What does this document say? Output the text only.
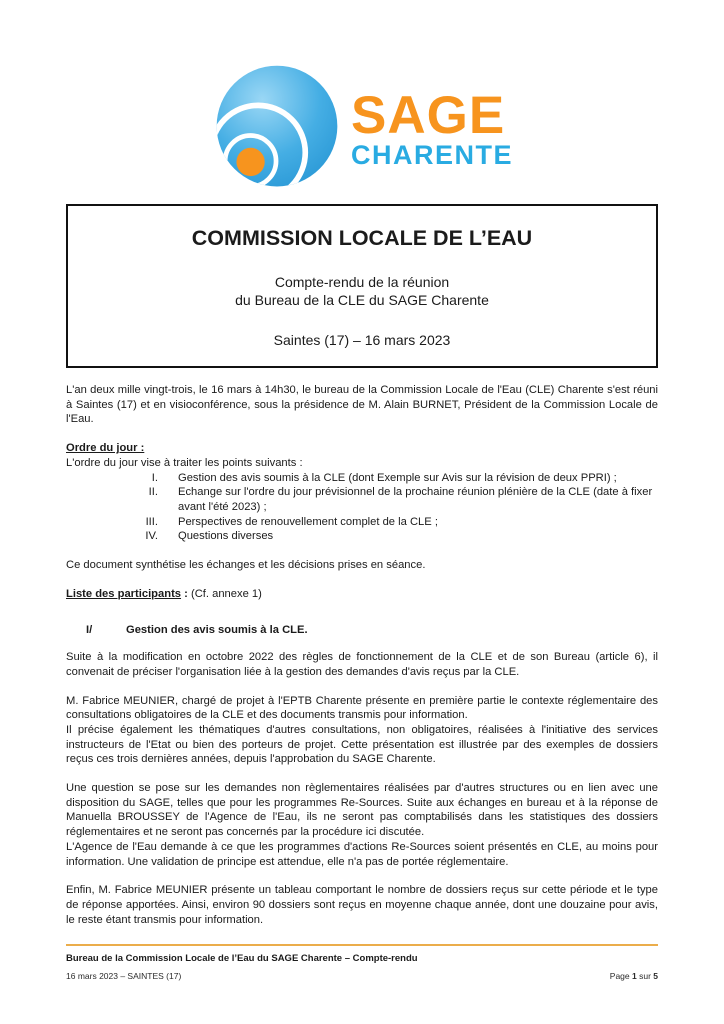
SAGE
CHARENTE
COMMISSION LOCALE DE L’EAU
Compte-rendu de la réunion
du Bureau de la CLE du SAGE Charente
Saintes (17) – 16 mars 2023

L'an deux mille vingt-trois, le 16 mars à 14h30, le bureau de la Commission Locale de l'Eau (CLE) Charente s'est réuni à Saintes (17) et en visioconférence, sous la présidence de M. Alain BURNET, Président de la Commission Locale de l'Eau.

Ordre du jour :
L'ordre du jour vise à traiter les points suivants :
I.	Gestion des avis soumis à la CLE (dont Exemple sur Avis sur la révision de deux PPRI) ;
II.	Echange sur l'ordre du jour prévisionnel de la prochaine réunion plénière de la CLE (date à fixer avant l'été 2023) ;
III.	Perspectives de renouvellement complet de la CLE ;
IV.	Questions diverses

Ce document synthétise les échanges et les décisions prises en séance.

Liste des participants : (Cf. annexe 1)
I/	Gestion des avis soumis à la CLE.

Suite à la modification en octobre 2022 des règles de fonctionnement de la CLE et de son Bureau (article 6), il convenait de préciser l'organisation liée à la gestion des demandes d'avis reçus par la CLE.

M. Fabrice MEUNIER, chargé de projet à l'EPTB Charente présente en première partie le contexte réglementaire des consultations obligatoires de la CLE et des documents transmis pour information.

Il précise également les thématiques d'autres consultations, non obligatoires, réalisées à l'initiative des services instructeurs de l'Etat ou bien des porteurs de projet. Cette présentation est illustrée par des exemples de dossiers reçus ces trois dernières années, depuis l'approbation du SAGE Charente.

Une question se pose sur les demandes non règlementaires réalisées par d'autres structures ou en lien avec une disposition du SAGE, telles que pour les programmes Re-Sources. Suite aux échanges en bureau et à la réponse de Manuella BROUSSEY de l'Agence de l'Eau, ils ne seront pas comptabilisés dans les statistiques des dossiers réglementaires et ne seront pas concernés par la procédure ici discutée.

L'Agence de l'Eau demande à ce que les programmes d'actions Re-Sources soient présentés en CLE, au moins pour information. Une validation de principe est attendue, elle n'a pas de portée réglementaire.

Enfin, M. Fabrice MEUNIER présente un tableau comportant le nombre de dossiers reçus sur cette période et le type de réponse apportées. Ainsi, environ 90 dossiers sont reçus en moyenne chaque année, dont une douzaine pour avis, le reste étant transmis pour information.

Bureau de la Commission Locale de l’Eau du SAGE Charente – Compte-rendu
16 mars 2023 – SAINTES (17)	Page 1 sur 5
